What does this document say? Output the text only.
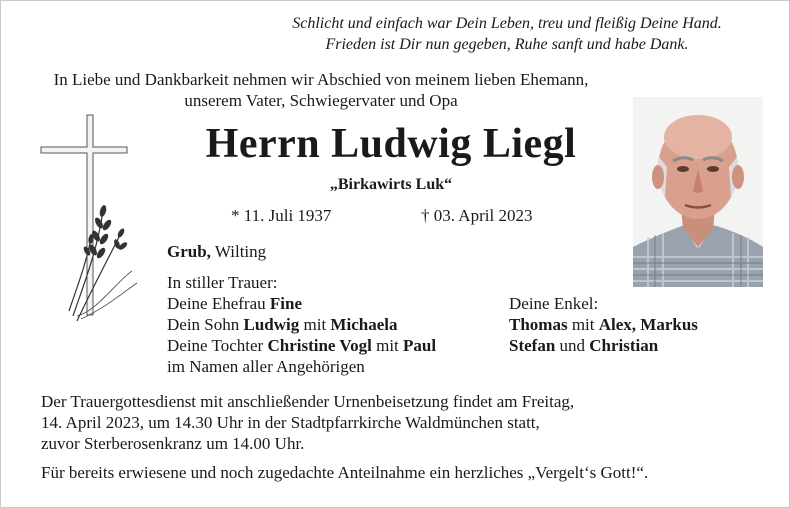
Schlicht und einfach war Dein Leben, treu und fleißig Deine Hand.
Frieden ist Dir nun gegeben, Ruhe sanft und habe Dank.
In Liebe und Dankbarkeit nehmen wir Abschied von meinem lieben Ehemann,
unserem Vater, Schwiegervater und Opa
Herrn Ludwig Liegl
„Birkawirts Luk“
* 11. Juli 1937	† 03. April 2023
Grub, Wilting
In stiller Trauer:
Deine Ehefrau Fine
Dein Sohn Ludwig mit Michaela
Deine Tochter Christine Vogl mit Paul
im Namen aller Angehörigen
Deine Enkel:
Thomas mit Alex, Markus
Stefan und Christian
Der Trauergottesdienst mit anschließender Urnenbeisetzung findet am Freitag,
14. April 2023, um 14.30 Uhr in der Stadtpfarrkirche Waldmünchen statt,
zuvor Sterberosenkranz um 14.00 Uhr.
Für bereits erwiesene und noch zugedachte Anteilnahme ein herzliches „Vergelt‘s Gott!“.
